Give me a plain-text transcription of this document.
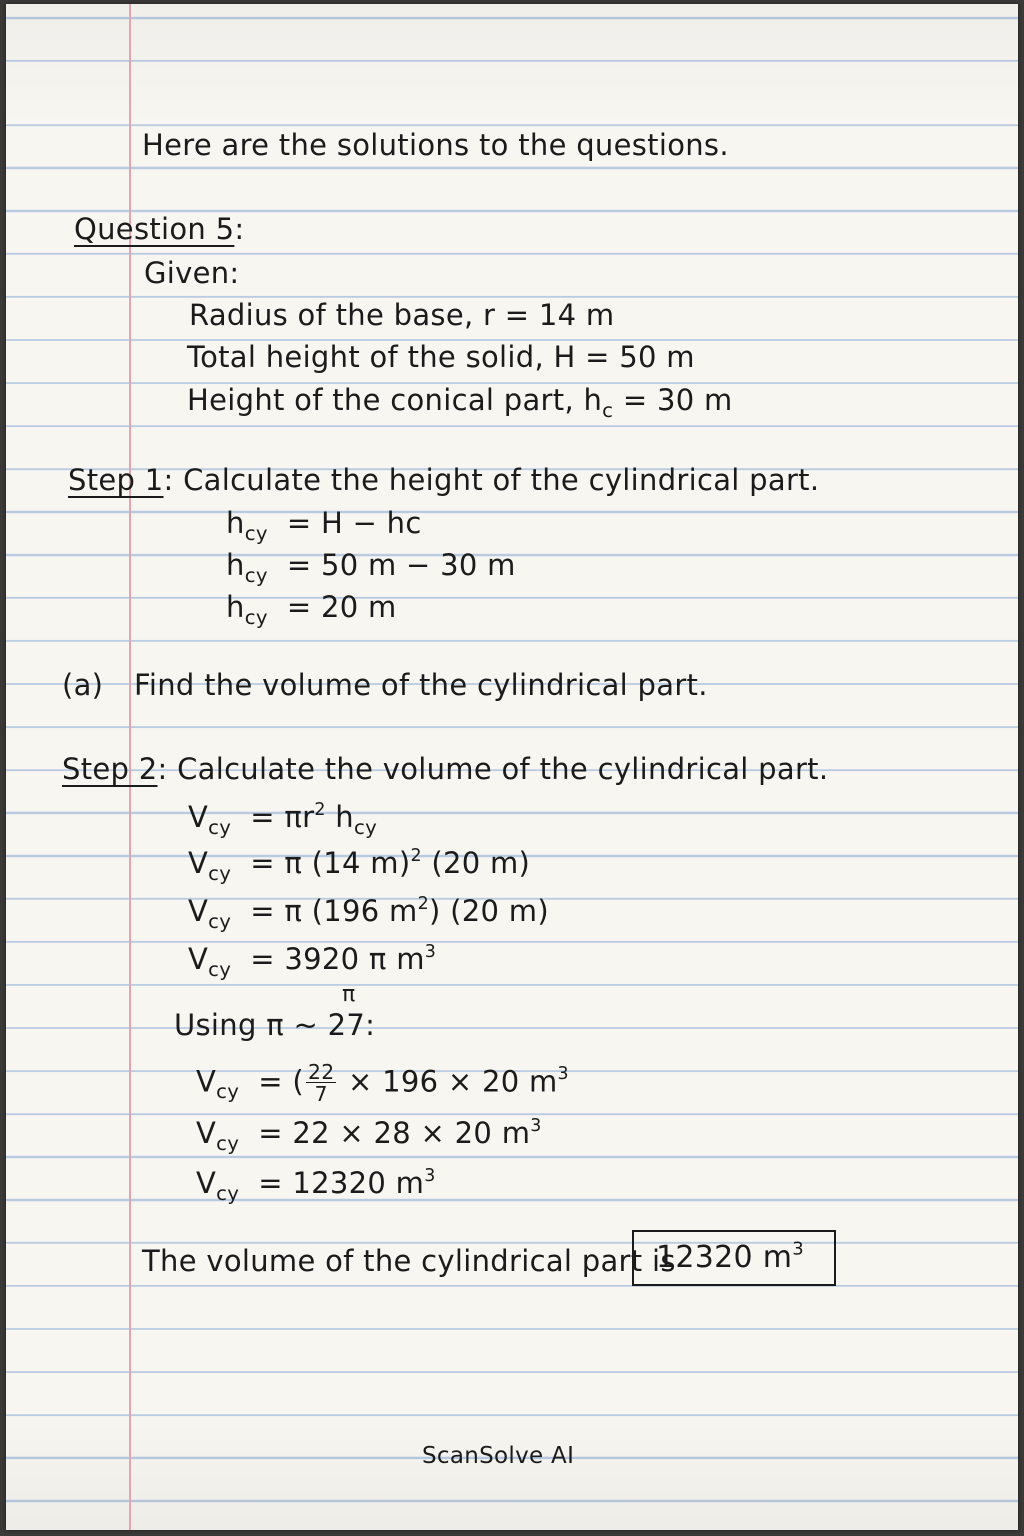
Here are the solutions to the questions.
Question 5:
Given:
Radius of the base, r = 14 m
Total height of the solid, H = 50 m
Height of the conical part, $h_c = 30$ m
Step 1: Calculate the height of the cylindrical part.
$h_{cy} = H$ − hc
$h_{cy} = 50$ m − 30 m
$h_{cy} = 20$ m
(a) Find the volume of the cylindrical part.
Step 2: Calculate the volume of the cylindrical part.
$V_{cy} = \pi r^2$ $h_{cy}$
$V_{cy} = \pi$ (14 m)$^2$ (20 m)
$V_{cy} = \pi$ (196 $m^2$) (20 m)
$V_{cy} = 3920$ π $m^3$
π
Using π ~ 27:
$V_{cy}$ = ( $\frac{22}{7} \times 196 \times 20$ $m^3$
$V_{cy} = 22 \times 28 \times 20$ $m^3$
$V_{cy} = 12320$ $m^3$
The volume of the cylindrical part is
12320 $m^3$
ScanSolve AI
